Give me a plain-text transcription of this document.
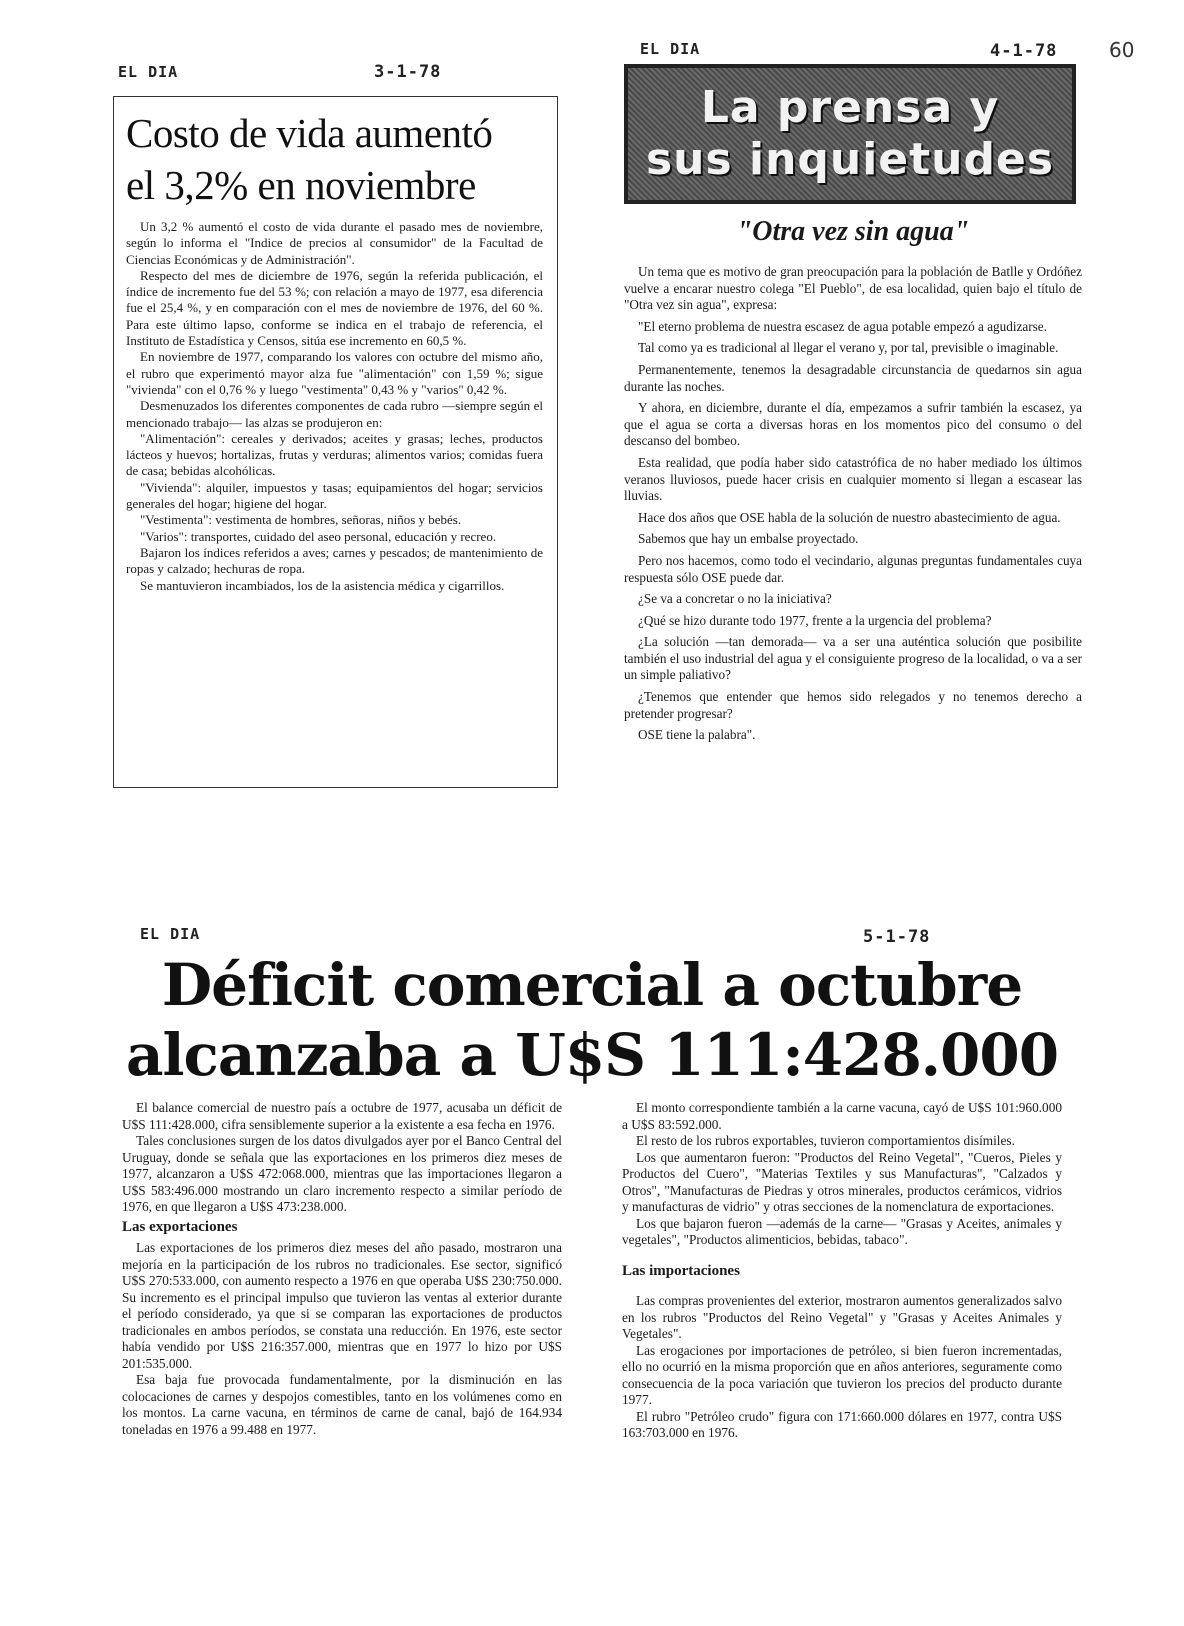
60
EL DIA	3-1-78
EL DIA	4-1-78
EL DIA	5-1-78
Costo de vida aumentó
el 3,2% en noviembre

Un 3,2 % aumentó el costo de vida durante el pasado mes de noviembre, según lo informa el "Indice de precios al consumidor" de la Facultad de Ciencias Económicas y de Administración".

Respecto del mes de diciembre de 1976, según la referida publicación, el índice de incremento fue del 53 %; con relación a mayo de 1977, esa diferencia fue el 25,4 %, y en comparación con el mes de noviembre de 1976, del 60 %. Para este último lapso, conforme se indica en el trabajo de referencia, el Instituto de Estadística y Censos, sitúa ese incremento en 60,5 %.

En noviembre de 1977, comparando los valores con octubre del mismo año, el rubro que experimentó mayor alza fue "alimentación" con 1,59 %; sigue "vivienda" con el 0,76 % y luego "vestimenta" 0,43 % y "varios" 0,42 %.

Desmenuzados los diferentes componentes de cada rubro —siempre según el mencionado trabajo— las alzas se produjeron en:

"Alimentación": cereales y derivados; aceites y grasas; leches, productos lácteos y huevos; hortalizas, frutas y verduras; alimentos varios; comidas fuera de casa; bebidas alcohólicas.

"Vivienda": alquiler, impuestos y tasas; equipamientos del hogar; servicios generales del hogar; higiene del hogar.

"Vestimenta": vestimenta de hombres, señoras, niños y bebés.

"Varios": transportes, cuidado del aseo personal, educación y recreo.

Bajaron los índices referidos a aves; carnes y pescados; de mantenimiento de ropas y calzado; hechuras de ropa.

Se mantuvieron incambiados, los de la asistencia médica y cigarrillos.

La prensa y
sus inquietudes
"Otra vez sin agua"

Un tema que es motivo de gran preocupación para la población de Batlle y Ordóñez vuelve a encarar nuestro colega "El Pueblo", de esa localidad, quien bajo el título de "Otra vez sin agua", expresa:

"El eterno problema de nuestra escasez de agua potable empezó a agudizarse.

Tal como ya es tradicional al llegar el verano y, por tal, previsible o imaginable.

Permanentemente, tenemos la desagradable circunstancia de quedarnos sin agua durante las noches.

Y ahora, en diciembre, durante el día, empezamos a sufrir también la escasez, ya que el agua se corta a diversas horas en los momentos pico del consumo o del descanso del bombeo.

Esta realidad, que podía haber sido catastrófica de no haber mediado los últimos veranos lluviosos, puede hacer crisis en cualquier momento si llegan a escasear las lluvias.

Hace dos años que OSE habla de la solución de nuestro abastecimiento de agua.

Sabemos que hay un embalse proyectado.

Pero nos hacemos, como todo el vecindario, algunas preguntas fundamentales cuya respuesta sólo OSE puede dar.

¿Se va a concretar o no la iniciativa?

¿Qué se hizo durante todo 1977, frente a la urgencia del problema?

¿La solución —tan demorada— va a ser una auténtica solución que posibilite también el uso industrial del agua y el consiguiente progreso de la localidad, o va a ser un simple paliativo?

¿Tenemos que entender que hemos sido relegados y no tenemos derecho a pretender progresar?

OSE tiene la palabra".

Déficit comercial a octubre
alcanzaba a U$S 111:428.000

El balance comercial de nuestro país a octubre de 1977, acusaba un déficit de U$S 111:428.000, cifra sensiblemente superior a la existente a esa fecha en 1976.

Tales conclusiones surgen de los datos divulgados ayer por el Banco Central del Uruguay, donde se señala que las exportaciones en los primeros diez meses de 1977, alcanzaron a U$S 472:068.000, mientras que las importaciones llegaron a U$S 583:496.000 mostrando un claro incremento respecto a similar período de 1976, en que llegaron a U$S 473:238.000.

Las exportaciones

Las exportaciones de los primeros diez meses del año pasado, mostraron una mejoría en la participación de los rubros no tradicionales. Ese sector, significó U$S 270:533.000, con aumento respecto a 1976 en que operaba U$S 230:750.000. Su incremento es el principal impulso que tuvieron las ventas al exterior durante el período considerado, ya que si se comparan las exportaciones de productos tradicionales en ambos períodos, se constata una reducción. En 1976, este sector había vendido por U$S 216:357.000, mientras que en 1977 lo hizo por U$S 201:535.000.

Esa baja fue provocada fundamentalmente, por la disminución en las colocaciones de carnes y despojos comestibles, tanto en los volúmenes como en los montos. La carne vacuna, en términos de carne de canal, bajó de 164.934 toneladas en 1976 a 99.488 en 1977.

El monto correspondiente también a la carne vacuna, cayó de U$S 101:960.000 a U$S 83:592.000.

El resto de los rubros exportables, tuvieron comportamientos disímiles.

Los que aumentaron fueron: "Productos del Reino Vegetal", "Cueros, Pieles y Productos del Cuero", "Materias Textiles y sus Manufacturas", "Calzados y Otros", "Manufacturas de Piedras y otros minerales, productos cerámicos, vidrios y manufacturas de vidrio" y otras secciones de la nomenclatura de exportaciones.

Los que bajaron fueron —además de la carne— "Grasas y Aceites, animales y vegetales", "Productos alimenticios, bebidas, tabaco".

Las importaciones

Las compras provenientes del exterior, mostraron aumentos generalizados salvo en los rubros "Productos del Reino Vegetal" y "Grasas y Aceites Animales y Vegetales".

Las erogaciones por importaciones de petróleo, si bien fueron incrementadas, ello no ocurrió en la misma proporción que en años anteriores, seguramente como consecuencia de la poca variación que tuvieron los precios del producto durante 1977.

El rubro "Petróleo crudo" figura con 171:660.000 dólares en 1977, contra U$S 163:703.000 en 1976.
